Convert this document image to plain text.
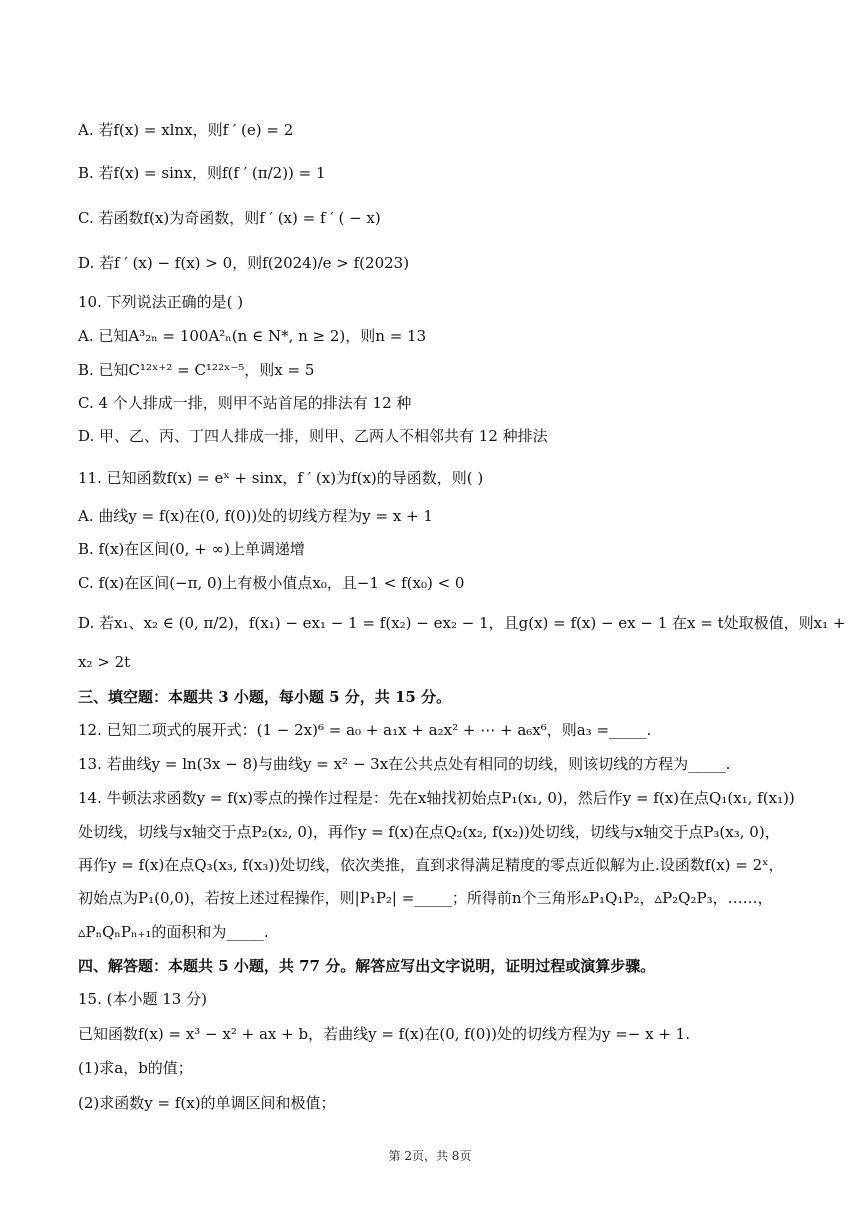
A. 若f(x) = xlnx，则f ′ (e) = 2
B. 若f(x) = sinx，则f(f ′ (π/2)) = 1
C. 若函数f(x)为奇函数，则f ′ (x) = f ′ ( − x)
D. 若f ′ (x) − f(x) > 0，则f(2024)/e > f(2023)
10. 下列说法正确的是( )
A. 已知A³₂ₙ = 100A²ₙ(n ∈ N*, n ≥ 2)，则n = 13
B. 已知C¹²ˣ⁺² = C¹²²ˣ⁻⁵，则x = 5
C. 4 个人排成一排，则甲不站首尾的排法有 12 种
D. 甲、乙、丙、丁四人排成一排，则甲、乙两人不相邻共有 12 种排法
11. 已知函数f(x) = eˣ + sinx，f ′ (x)为f(x)的导函数，则( )
A. 曲线y = f(x)在(0, f(0))处的切线方程为y = x + 1
B. f(x)在区间(0, + ∞)上单调递增
C. f(x)在区间(−π, 0)上有极小值点x₀，且−1 < f(x₀) < 0
D. 若x₁、x₂ ∈ (0, π/2)，f(x₁) − ex₁ − 1 = f(x₂) − ex₂ − 1，且g(x) = f(x) − ex − 1 在x = t处取极值，则x₁ +
x₂ > 2t
三、填空题：本题共 3 小题，每小题 5 分，共 15 分。
12. 已知二项式的展开式：(1 − 2x)⁶ = a₀ + a₁x + a₂x² + ⋯ + a₆x⁶，则a₃ =_____.
13. 若曲线y = ln(3x − 8)与曲线y = x² − 3x在公共点处有相同的切线，则该切线的方程为_____.
14. 牛顿法求函数y = f(x)零点的操作过程是：先在x轴找初始点P₁(x₁, 0)，然后作y = f(x)在点Q₁(x₁, f(x₁))
处切线，切线与x轴交于点P₂(x₂, 0)，再作y = f(x)在点Q₂(x₂, f(x₂))处切线，切线与x轴交于点P₃(x₃, 0)，
再作y = f(x)在点Q₃(x₃, f(x₃))处切线，依次类推，直到求得满足精度的零点近似解为止.设函数f(x) = 2ˣ，
初始点为P₁(0,0)，若按上述过程操作，则|P₁P₂| =_____；所得前n个三角形▵P₁Q₁P₂，▵P₂Q₂P₃，……，
▵PₙQₙPₙ₊₁的面积和为_____.
四、解答题：本题共 5 小题，共 77 分。解答应写出文字说明，证明过程或演算步骤。
15. (本小题 13 分)
已知函数f(x) = x³ − x² + ax + b，若曲线y = f(x)在(0, f(0))处的切线方程为y =− x + 1.
(1)求a，b的值；
(2)求函数y = f(x)的单调区间和极值；
第 2页，共 8页
